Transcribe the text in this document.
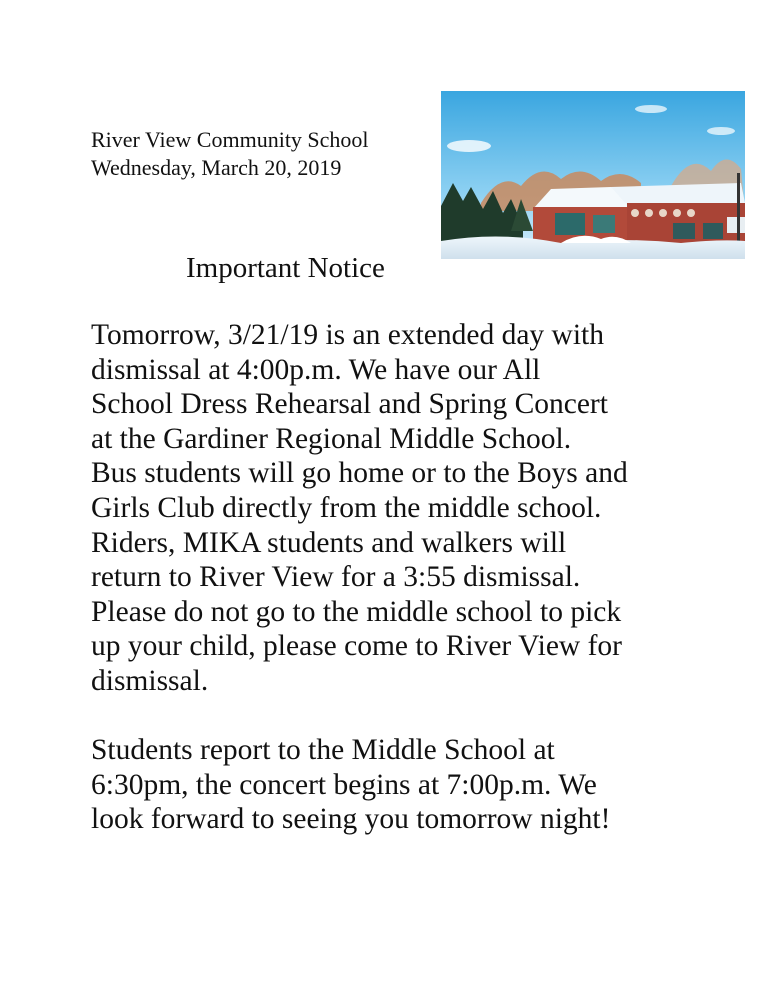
River View Community School
Wednesday, March 20, 2019
Important Notice
Tomorrow, 3/21/19 is an extended day with
dismissal at 4:00p.m. We have our All
School Dress Rehearsal and Spring Concert
at the Gardiner Regional Middle School.
Bus students will go home or to the Boys and
Girls Club directly from the middle school.
Riders, MIKA students and walkers will
return to River View for a 3:55 dismissal.
Please do not go to the middle school to pick
up your child, please come to River View for
dismissal.
Students report to the Middle School at
6:30pm, the concert begins at 7:00p.m. We
look forward to seeing you tomorrow night!
